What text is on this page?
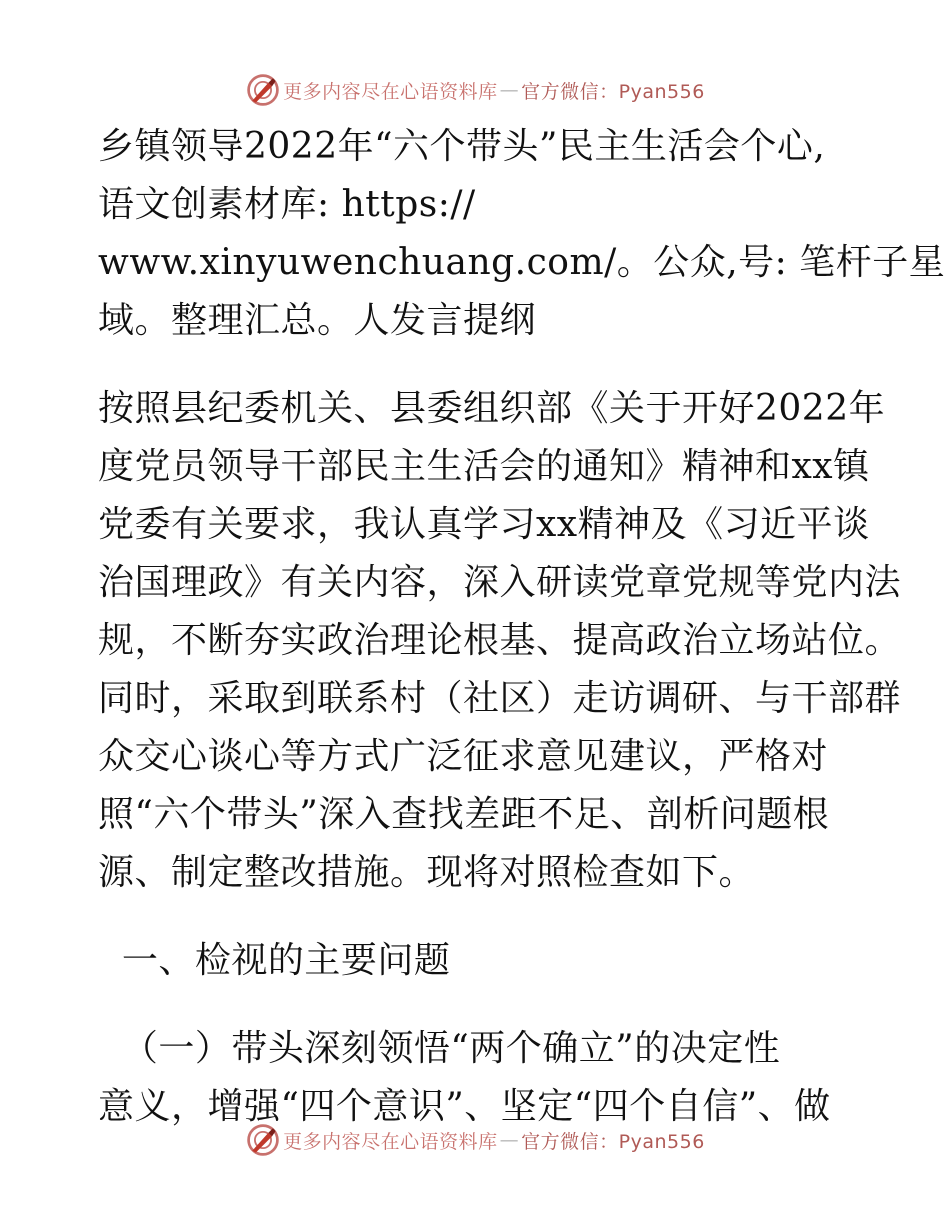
更多内容尽在心语资料库 — 官方微信：Pyan556
乡镇领导2022年“六个带头”民主生活会个心,
语文创素材库: https://
www.xinyuwenchuang.com/。公众,号: 笔杆子星
域。整理汇总。人发言提纲
按照县纪委机关、县委组织部《关于开好2022年
度党员领导干部民主生活会的通知》精神和xx镇
党委有关要求，我认真学习xx精神及《习近平谈
治国理政》有关内容，深入研读党章党规等党内法
规，不断夯实政治理论根基、提高政治立场站位。
同时，采取到联系村（社区）走访调研、与干部群
众交心谈心等方式广泛征求意见建议，严格对
照“六个带头”深入查找差距不足、剖析问题根
源、制定整改措施。现将对照检查如下。
一、检视的主要问题
（一）带头深刻领悟“两个确立”的决定性
意义，增强“四个意识”、坚定“四个自信”、做
更多内容尽在心语资料库 — 官方微信：Pyan556
